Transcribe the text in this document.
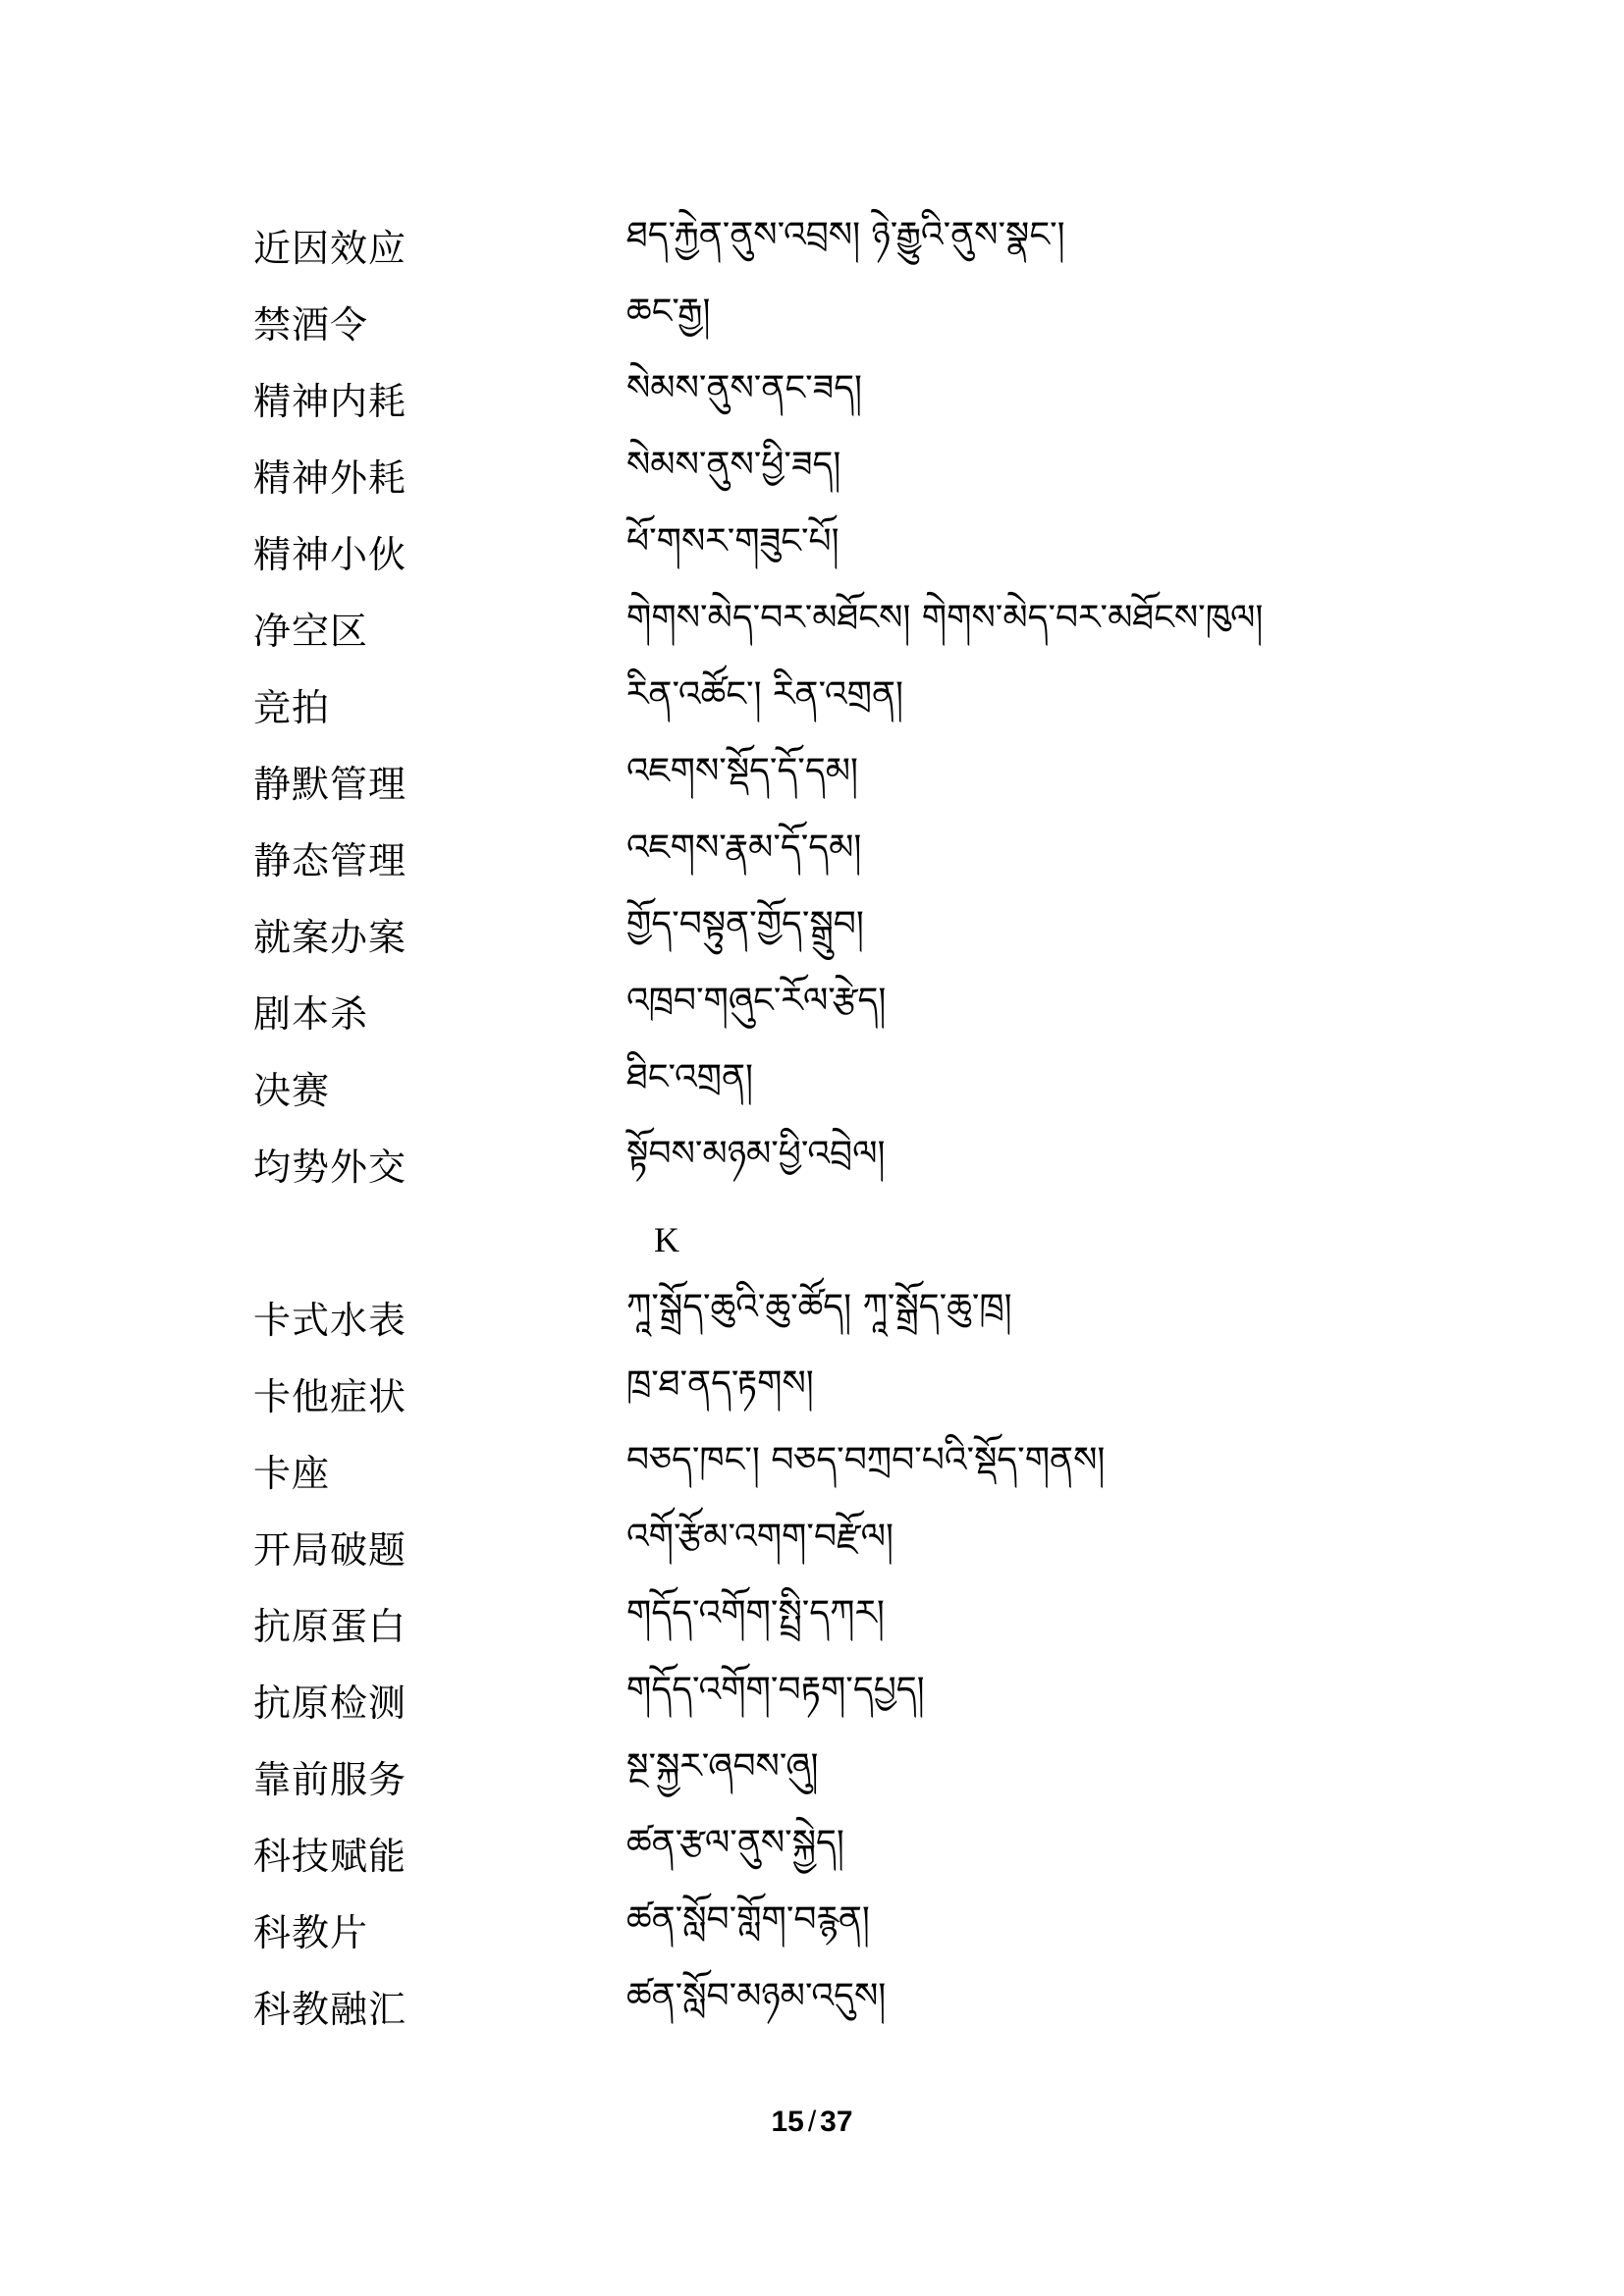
近因效应	ཐད་རྐྱེན་ནུས་འབྲས། ཉེ་རྒྱུའི་ནུས་སྣང་།
禁酒令	ཆང་རྒྱ།
精神内耗	སེམས་ནུས་ནང་ཟད།
精神外耗	སེམས་ནུས་ཕྱི་ཟད།
精神小伙	ཕོ་གསར་གཟུང་པོ།
净空区	གེགས་མེད་བར་མཐོངས། གེགས་མེད་བར་མཐོངས་ཁུལ།
竞拍	རིན་འཚོང་། རིན་འགྲན།
静默管理	འཇགས་སྡོད་དོ་དམ།
静态管理	འཇགས་རྣམ་དོ་དམ།
就案办案	གྱོད་བསྟུན་གྱོད་སྒྲུབ།
剧本杀	འཁྲབ་གཞུང་རོལ་རྩེད།
决赛	ཐིང་འགྲན།
均势外交	སྟོབས་མཉམ་ཕྱི་འབྲེལ།
K
卡式水表	ཀཱ་སྒྲོད་ཆུའི་ཆུ་ཚོད། ཀཱ་སྒྲོད་ཆུ་ཁྲ།
卡他症状	ཁྲ་ཐ་ནད་རྟགས།
卡座	བཅད་ཁང་། བཅད་བཀྲབ་པའི་སྡོད་གནས།
开局破题	འགོ་རྩོམ་འགག་བརྫོལ།
抗原蛋白	གདོད་འགོག་སྤྲི་དཀར།
抗原检测	གདོད་འགོག་བརྟག་དཔྱད།
靠前服务	སྔ་སྐྱར་ཞབས་ཞུ།
科技赋能	ཚན་རྩལ་ནུས་སྐྱེད།
科教片	ཚན་སློབ་གློག་བརྙན།
科教融汇	ཚན་སློབ་མཉམ་འདུས།
15 / 37
